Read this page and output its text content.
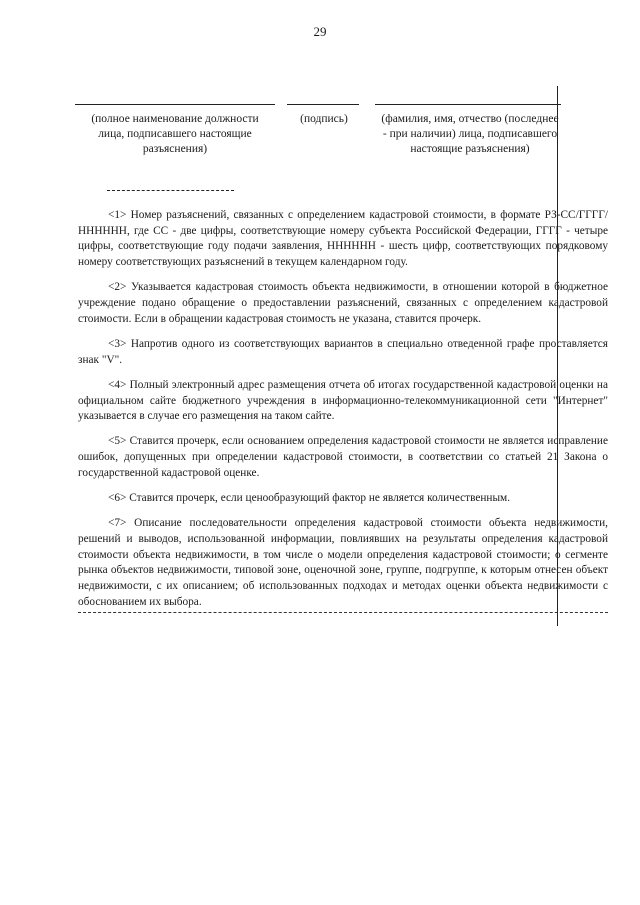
29
(полное наименование должности лица, подписавшего настоящие разъяснения)
(подпись)	(фамилия, имя, отчество (последнее - при наличии) лица, подписавшего настоящие разъяснения)

<1> Номер разъяснений, связанных с определением кадастровой стоимости, в формате РЗ-СС/ГГГГ/НННННН, где СС - две цифры, соответствующие номеру субъекта Российской Федерации, ГГГГ - четыре цифры, соответствующие году подачи заявления, НННННН - шесть цифр, соответствующих порядковому номеру соответствующих разъяснений в текущем календарном году.

<2> Указывается кадастровая стоимость объекта недвижимости, в отношении которой в бюджетное учреждение подано обращение о предоставлении разъяснений, связанных с определением кадастровой стоимости. Если в обращении кадастровая стоимость не указана, ставится прочерк.

<3> Напротив одного из соответствующих вариантов в специально отведенной графе проставляется знак "V".

<4> Полный электронный адрес размещения отчета об итогах государственной кадастровой оценки на официальном сайте бюджетного учреждения в информационно-телекоммуникационной сети "Интернет" указывается в случае его размещения на таком сайте.

<5> Ставится прочерк, если основанием определения кадастровой стоимости не является исправление ошибок, допущенных при определении кадастровой стоимости, в соответствии со статьей 21 Закона о государственной кадастровой оценке.

<6> Ставится прочерк, если ценообразующий фактор не является количественным.

<7> Описание последовательности определения кадастровой стоимости объекта недвижимости, решений и выводов, использованной информации, повлиявших на результаты определения кадастровой стоимости объекта недвижимости, в том числе о модели определения кадастровой стоимости; о сегменте рынка объектов недвижимости, типовой зоне, оценочной зоне, группе, подгруппе, к которым отнесен объект недвижимости, с их описанием; об использованных подходах и методах оценки объекта недвижимости с обоснованием их выбора.
